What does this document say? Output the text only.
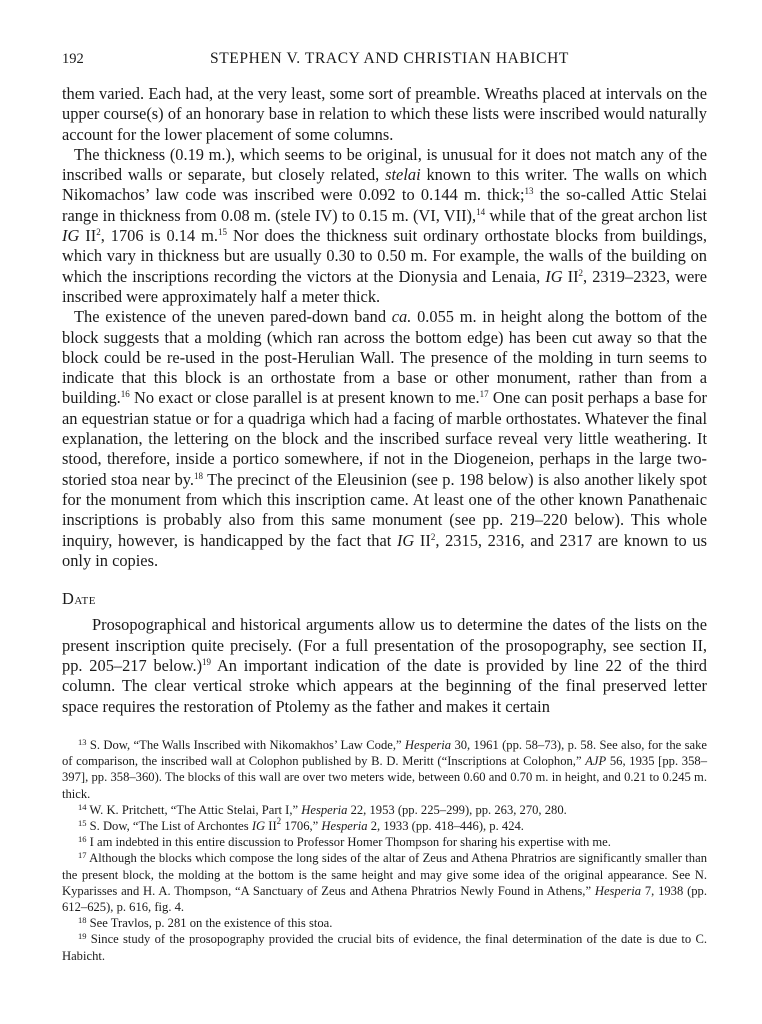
192	STEPHEN V. TRACY AND CHRISTIAN HABICHT

them varied. Each had, at the very least, some sort of preamble. Wreaths placed at intervals on the upper course(s) of an honorary base in relation to which these lists were inscribed would naturally account for the lower placement of some columns.

The thickness (0.19 m.), which seems to be original, is unusual for it does not match any of the inscribed walls or separate, but closely related, stelai known to this writer. The walls on which Nikomachos’ law code was inscribed were 0.092 to 0.144 m. thick;$^{13}$ the so-called Attic Stelai range in thickness from 0.08 m. (stele IV) to 0.15 m. (VI, VII),$^{14}$ while that of the great archon list IG $II^2$, 1706 is 0.14 m.$^{15}$ Nor does the thickness suit ordinary orthostate blocks from buildings, which vary in thickness but are usually 0.30 to 0.50 m. For example, the walls of the building on which the inscriptions recording the victors at the Dionysia and Lenaia, IG $II^2$, 2319–2323, were inscribed were approximately half a meter thick.

The existence of the uneven pared-down band ca. 0.055 m. in height along the bottom of the block suggests that a molding (which ran across the bottom edge) has been cut away so that the block could be re-used in the post-Herulian Wall. The presence of the molding in turn seems to indicate that this block is an orthostate from a base or other monument, rather than from a building.$^{16}$ No exact or close parallel is at present known to me.$^{17}$ One can posit perhaps a base for an equestrian statue or for a quadriga which had a facing of marble orthostates. Whatever the final explanation, the lettering on the block and the inscribed surface reveal very little weathering. It stood, therefore, inside a portico somewhere, if not in the Diogeneion, perhaps in the large two-storied stoa near by.$^{18}$ The precinct of the Eleusinion (see p. 198 below) is also another likely spot for the monument from which this inscription came. At least one of the other known Panathenaic inscriptions is probably also from this same monument (see pp. 219–220 below). This whole inquiry, however, is handicapped by the fact that IG $II^2$, 2315, 2316, and 2317 are known to us only in copies.

Date

Prosopographical and historical arguments allow us to determine the dates of the lists on the present inscription quite precisely. (For a full presentation of the prosopography, see section II, pp. 205–217 below.)$^{19}$ An important indication of the date is provided by line 22 of the third column. The clear vertical stroke which appears at the beginning of the final preserved letter space requires the restoration of Ptolemy as the father and makes it certain

$^{13}$ S. Dow, “The Walls Inscribed with Nikomakhos’ Law Code,” Hesperia 30, 1961 (pp. 58–73), p. 58. See also, for the sake of comparison, the inscribed wall at Colophon published by B. D. Meritt (“Inscriptions at Colophon,” AJP 56, 1935 [pp. 358–397], pp. 358–360). The blocks of this wall are over two meters wide, between 0.60 and 0.70 m. in height, and 0.21 to 0.245 m. thick.

$^{14}$ W. K. Pritchett, “The Attic Stelai, Part I,” Hesperia 22, 1953 (pp. 225–299), pp. 263, 270, 280.

$^{15}$ S. Dow, “The List of Archontes IG $II^2$ 1706,” Hesperia 2, 1933 (pp. 418–446), p. 424.

$^{16}$ I am indebted in this entire discussion to Professor Homer Thompson for sharing his expertise with me.

$^{17}$ Although the blocks which compose the long sides of the altar of Zeus and Athena Phratrios are significantly smaller than the present block, the molding at the bottom is the same height and may give some idea of the original appearance. See N. Kyparisses and H. A. Thompson, “A Sanctuary of Zeus and Athena Phratrios Newly Found in Athens,” Hesperia 7, 1938 (pp. 612–625), p. 616, fig. 4.

$^{18}$ See Travlos, p. 281 on the existence of this stoa.

$^{19}$ Since study of the prosopography provided the crucial bits of evidence, the final determination of the date is due to C. Habicht.
